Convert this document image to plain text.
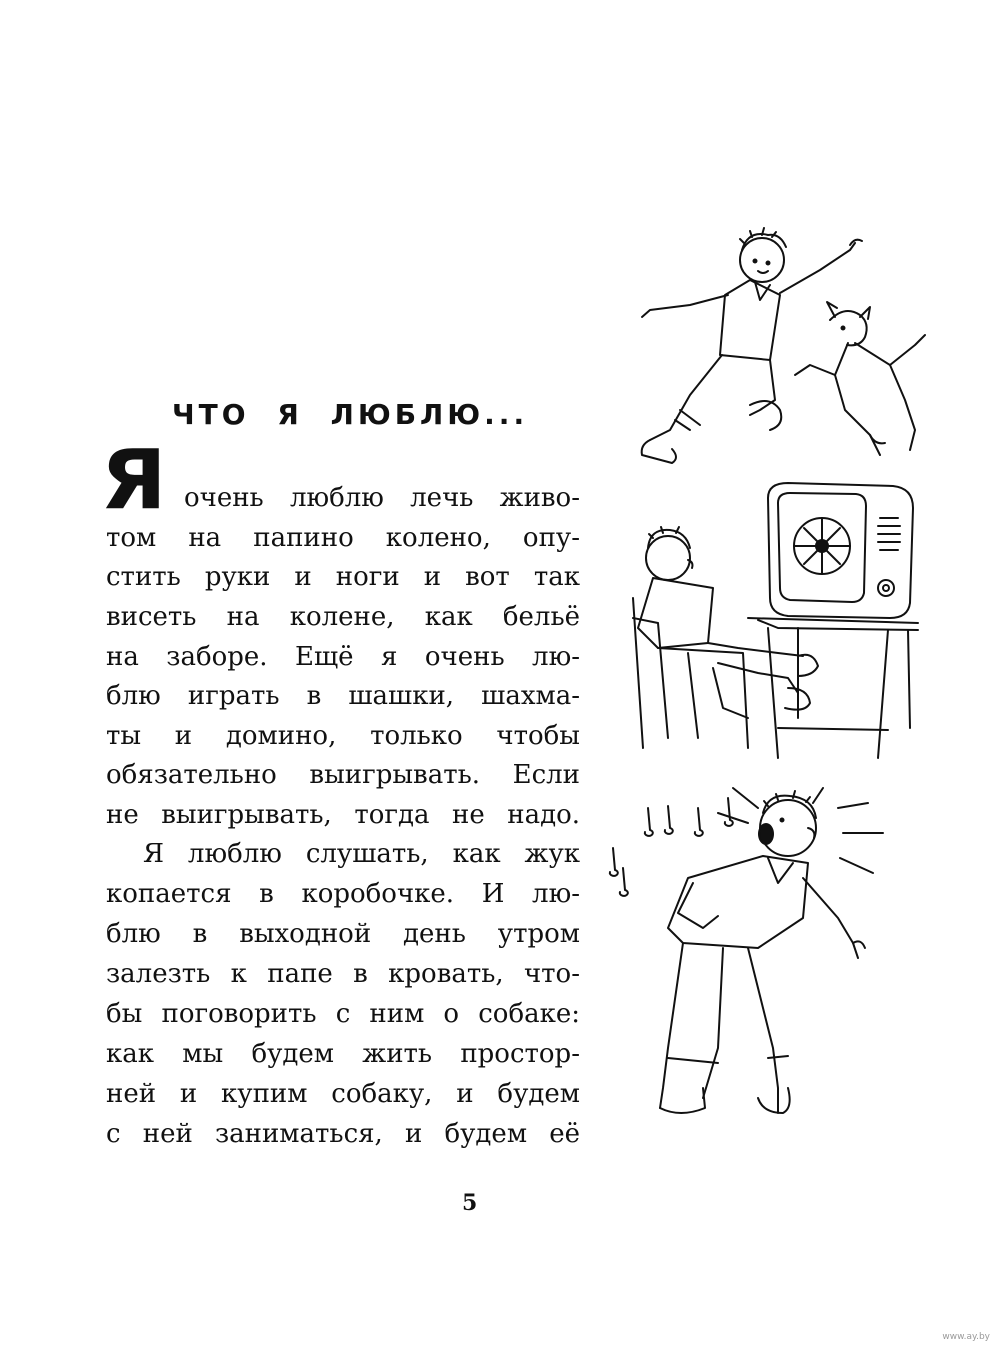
ЧТО Я ЛЮБЛЮ...
Я очень люблю лечь живо-
том на папино колено, опу-
стить руки и ноги и вот так
висеть на колене, как бельё
на заборе. Ещё я очень лю-
блю играть в шашки, шахма-
ты и домино, только чтобы
обязательно выигрывать. Если
не выигрывать, тогда не надо.
Я люблю слушать, как жук
копается в коробочке. И лю-
блю в выходной день утром
залезть к папе в кровать, что-
бы поговорить с ним о собаке:
как мы будем жить простор-
ней и купим собаку, и будем
с ней заниматься, и будем её
5
www.ay.by
